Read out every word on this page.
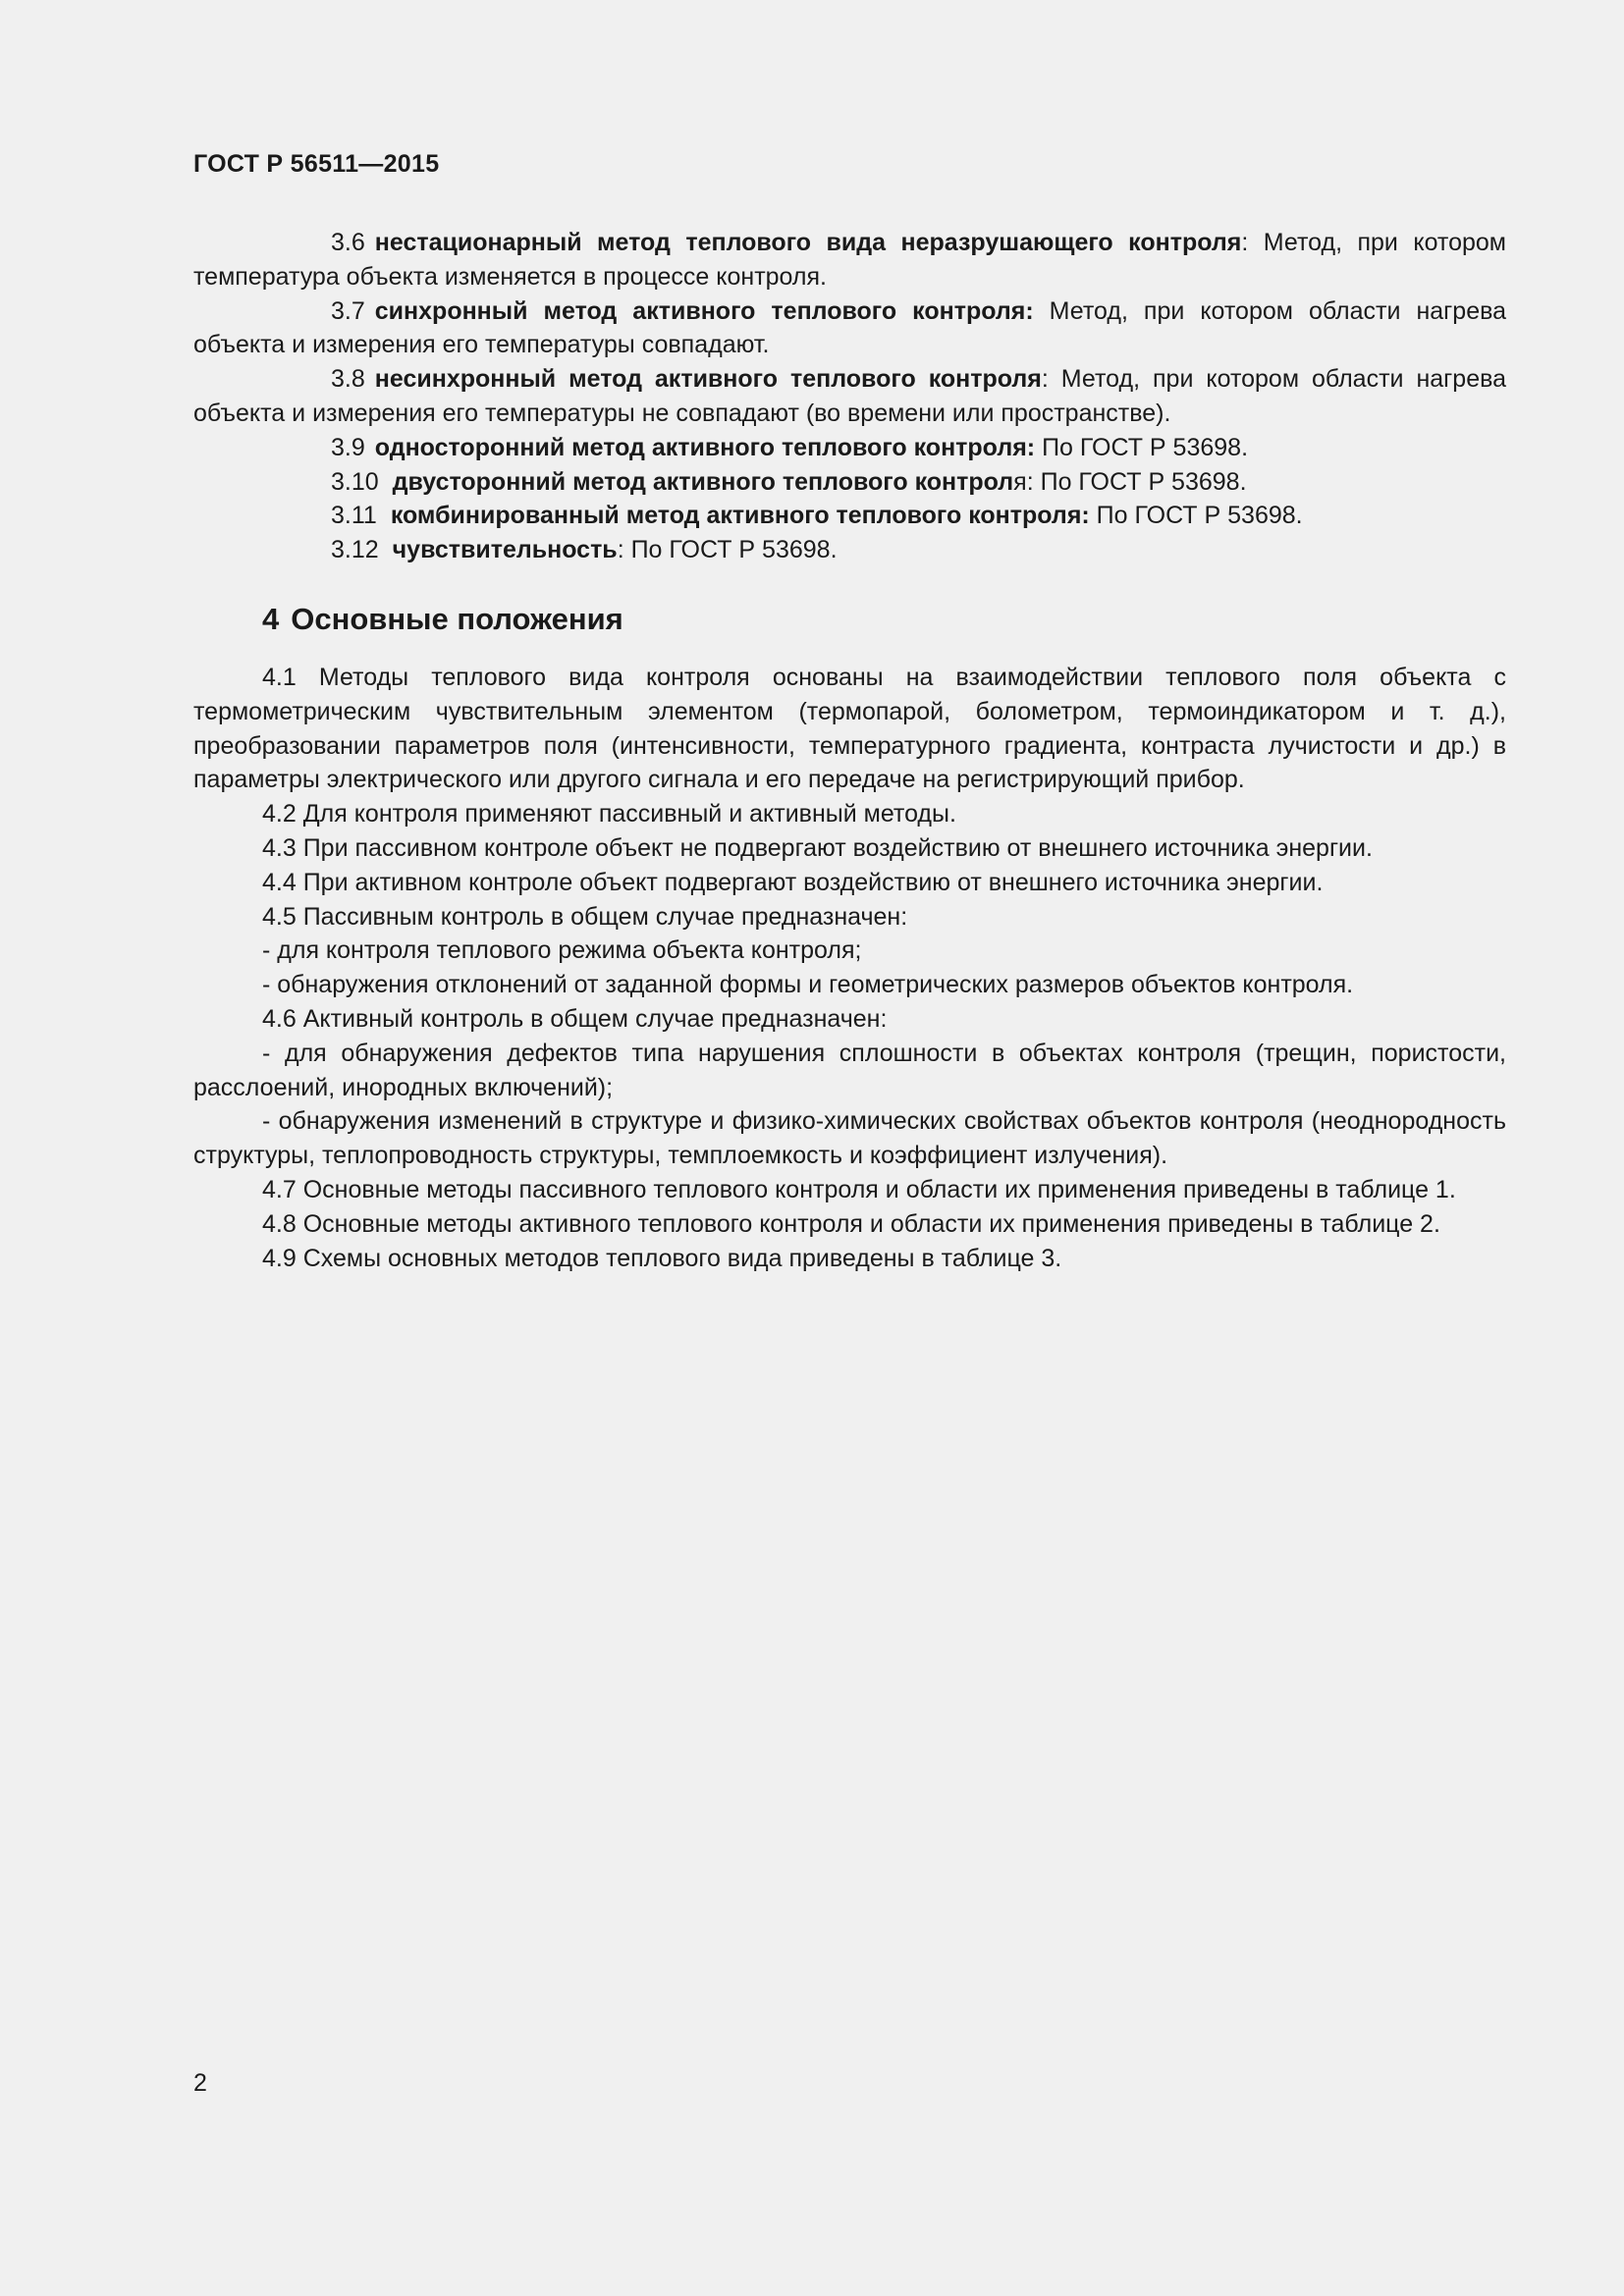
ГОСТ Р 56511—2015

3.6 нестационарный метод теплового вида неразрушающего контроля: Метод, при котором температура объекта изменяется в процессе контроля.

3.7 синхронный метод активного теплового контроля: Метод, при котором области нагрева объекта и измерения его температуры совпадают.

3.8 несинхронный метод активного теплового контроля: Метод, при котором области нагрева объекта и измерения его температуры не совпадают (во времени или пространстве).

3.9 односторонний метод активного теплового контроля: По ГОСТ Р 53698.

3.10 двусторонний метод активного теплового контроля: По ГОСТ Р 53698.

3.11 комбинированный метод активного теплового контроля: По ГОСТ Р 53698.

3.12 чувствительность: По ГОСТ Р 53698.

4 Основные положения

4.1 Методы теплового вида контроля основаны на взаимодействии теплового поля объекта с термометрическим чувствительным элементом (термопарой, болометром, термоиндикатором и т. д.), преобразовании параметров поля (интенсивности, температурного градиента, контраста лучистости и др.) в параметры электрического или другого сигнала и его передаче на регистрирующий прибор.

4.2 Для контроля применяют пассивный и активный методы.

4.3 При пассивном контроле объект не подвергают воздействию от внешнего источника энергии.

4.4 При активном контроле объект подвергают воздействию от внешнего источника энергии.

4.5 Пассивным контроль в общем случае предназначен:

- для контроля теплового режима объекта контроля;

- обнаружения отклонений от заданной формы и геометрических размеров объектов контроля.

4.6 Активный контроль в общем случае предназначен:

- для обнаружения дефектов типа нарушения сплошности в объектах контроля (трещин, пористости, расслоений, инородных включений);

- обнаружения изменений в структуре и физико-химических свойствах объектов контроля (неоднородность структуры, теплопроводность структуры, темплоемкость и коэффициент излучения).

4.7 Основные методы пассивного теплового контроля и области их применения приведены в таблице 1.

4.8 Основные методы активного теплового контроля и области их применения приведены в таблице 2.

4.9 Схемы основных методов теплового вида приведены в таблице 3.

2
